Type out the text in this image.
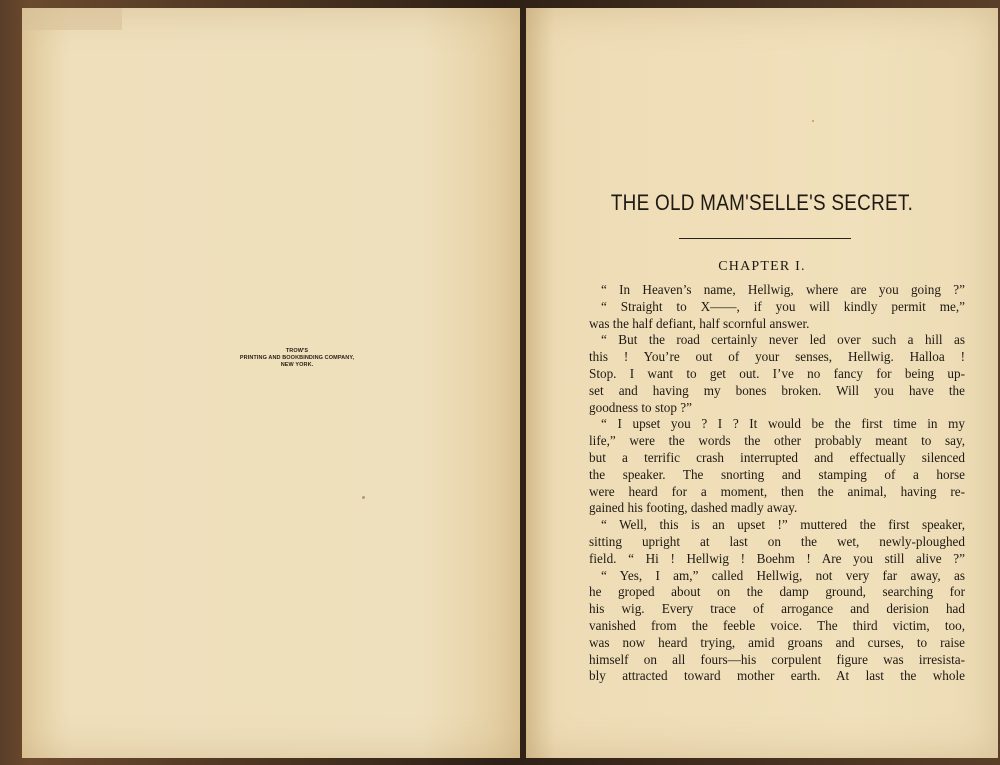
TROW'S
PRINTING AND BOOKBINDING COMPANY,
NEW YORK.
THE OLD MAM'SELLE'S SECRET.
CHAPTER I.
“ In Heaven’s name, Hellwig, where are you going ?”
“ Straight to X——, if you will kindly permit me,”
was the half defiant, half scornful answer.
“ But the road certainly never led over such a hill as
this ! You’re out of your senses, Hellwig. Halloa !
Stop. I want to get out. I’ve no fancy for being up-
set and having my bones broken. Will you have the
goodness to stop ?”
“ I upset you ? I ? It would be the first time in my
life,” were the words the other probably meant to say,
but a terrific crash interrupted and effectually silenced
the speaker. The snorting and stamping of a horse
were heard for a moment, then the animal, having re-
gained his footing, dashed madly away.
“ Well, this is an upset !” muttered the first speaker,
sitting upright at last on the wet, newly-ploughed
field. “ Hi ! Hellwig ! Boehm ! Are you still alive ?”
“ Yes, I am,” called Hellwig, not very far away, as
he groped about on the damp ground, searching for
his wig. Every trace of arrogance and derision had
vanished from the feeble voice. The third victim, too,
was now heard trying, amid groans and curses, to raise
himself on all fours—his corpulent figure was irresista-
bly attracted toward mother earth. At last the whole
